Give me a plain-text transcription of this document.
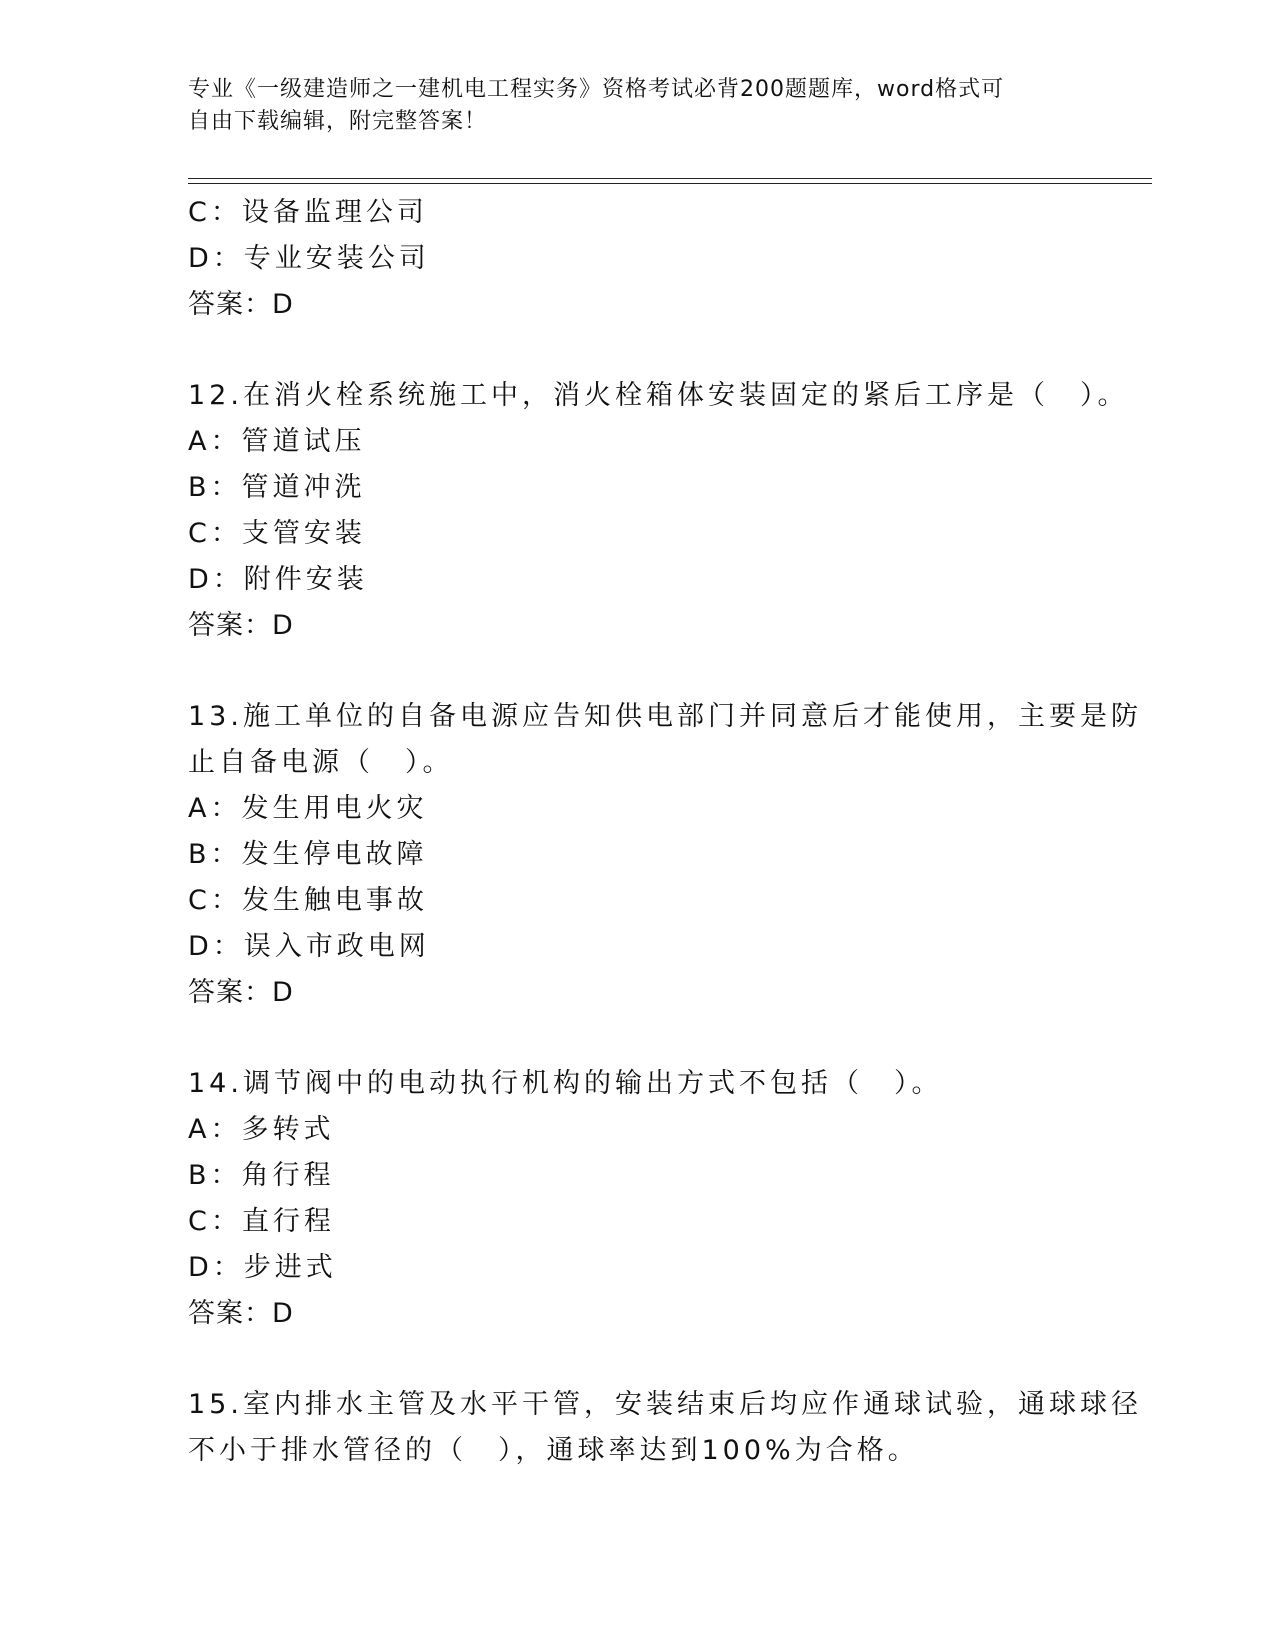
专业《一级建造师之一建机电工程实务》资格考试必背200题题库，word格式可
自由下载编辑，附完整答案！
C：设备监理公司
D：专业安装公司
答案：D
12.在消火栓系统施工中，消火栓箱体安装固定的紧后工序是（　）。
A：管道试压
B：管道冲洗
C：支管安装
D：附件安装
答案：D
13.施工单位的自备电源应告知供电部门并同意后才能使用，主要是防
止自备电源（　）。
A：发生用电火灾
B：发生停电故障
C：发生触电事故
D：误入市政电网
答案：D
14.调节阀中的电动执行机构的输出方式不包括（　）。
A：多转式
B：角行程
C：直行程
D：步进式
答案：D
15.室内排水主管及水平干管，安装结束后均应作通球试验，通球球径
不小于排水管径的（　），通球率达到100%为合格。
